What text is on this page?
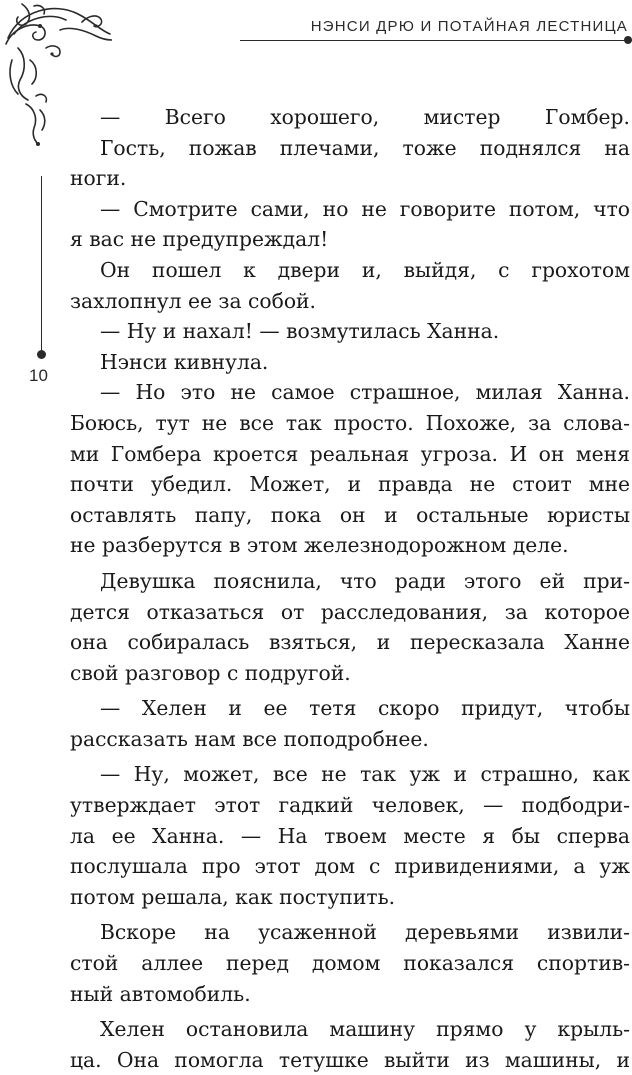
НЭНСИ ДРЮ И ПОТАЙНАЯ ЛЕСТНИЦА
10
— Всего хорошего, мистер Гомбер.
Гость, пожав плечами, тоже поднялся на
ноги.
— Смотрите сами, но не говорите потом, что
я вас не предупреждал!
Он пошел к двери и, выйдя, с грохотом
захлопнул ее за собой.
— Ну и нахал! — возмутилась Ханна.
Нэнси кивнула.
— Но это не самое страшное, милая Ханна.
Боюсь, тут не все так просто. Похоже, за слова-
ми Гомбера кроется реальная угроза. И он меня
почти убедил. Может, и правда не стоит мне
оставлять папу, пока он и остальные юристы
не разберутся в этом железнодорожном деле.
Девушка пояснила, что ради этого ей при-
дется отказаться от расследования, за которое
она собиралась взяться, и пересказала Ханне
свой разговор с подругой.
— Хелен и ее тетя скоро придут, чтобы
рассказать нам все поподробнее.
— Ну, может, все не так уж и страшно, как
утверждает этот гадкий человек, — подбодри-
ла ее Ханна. — На твоем месте я бы сперва
послушала про этот дом с привидениями, а уж
потом решала, как поступить.
Вскоре на усаженной деревьями извили-
стой аллее перед домом показался спортив-
ный автомобиль.
Хелен остановила машину прямо у крыль-
ца. Она помогла тетушке выйти из машины, и
